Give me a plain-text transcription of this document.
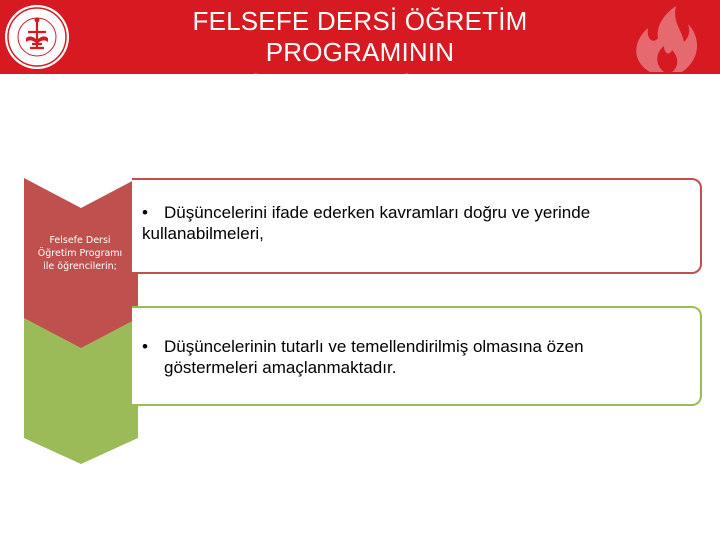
FELSEFE DERSİ ÖĞRETİM PROGRAMININ
GENEL AMAÇLARI
Felsefe Dersi
Öğretim Programı
ile öğrencilerin;
• Düşüncelerini ifade ederken kavramları doğru ve yerinde
kullanabilmeleri,
• Düşüncelerinin tutarlı ve temellendirilmiş olmasına özen
göstermeleri amaçlanmaktadır.
